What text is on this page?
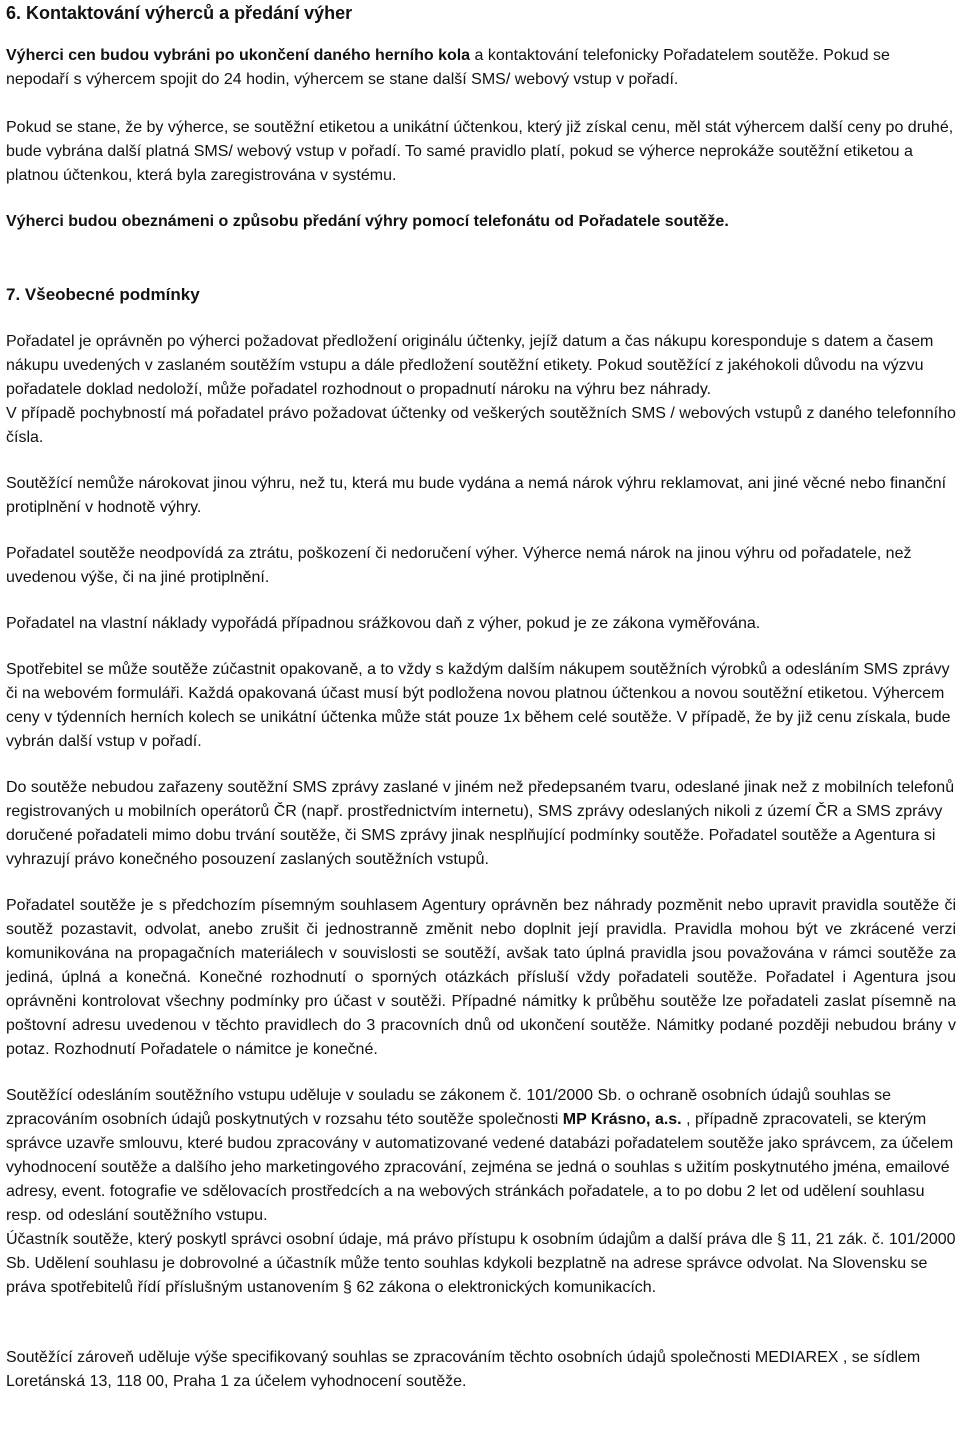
6. Kontaktování výherců a předání výher

Výherci cen budou vybráni po ukončení daného herního kola a kontaktování telefonicky Pořadatelem soutěže. Pokud se nepodaří s výhercem spojit do 24 hodin, výhercem se stane další SMS/ webový vstup v pořadí.

Pokud se stane, že by výherce, se soutěžní etiketou a unikátní účtenkou, který již získal cenu, měl stát výhercem další ceny po druhé, bude vybrána další platná SMS/ webový vstup v pořadí. To samé pravidlo platí, pokud se výherce neprokáže soutěžní etiketou a platnou účtenkou, která byla zaregistrována v systému.

Výherci budou obeznámeni o způsobu předání výhry pomocí telefonátu od Pořadatele soutěže.

7. Všeobecné podmínky

Pořadatel je oprávněn po výherci požadovat předložení originálu účtenky, jejíž datum a čas nákupu koresponduje s datem a časem nákupu uvedených v zaslaném soutěžím vstupu a dále předložení soutěžní etikety. Pokud soutěžící z jakéhokoli důvodu na výzvu pořadatele doklad nedoloží, může pořadatel rozhodnout o propadnutí nároku na výhru bez náhrady.

V případě pochybností má pořadatel právo požadovat účtenky od veškerých soutěžních SMS / webových vstupů z daného telefonního čísla.

Soutěžící nemůže nárokovat jinou výhru, než tu, která mu bude vydána a nemá nárok výhru reklamovat, ani jiné věcné nebo finanční protiplnění v hodnotě výhry.

Pořadatel soutěže neodpovídá za ztrátu, poškození či nedoručení výher. Výherce nemá nárok na jinou výhru od pořadatele, než uvedenou výše, či na jiné protiplnění.

Pořadatel na vlastní náklady vypořádá případnou srážkovou daň z výher, pokud je ze zákona vyměřována.

Spotřebitel se může soutěže zúčastnit opakovaně, a to vždy s každým dalším nákupem soutěžních výrobků a odesláním SMS zprávy či na webovém formuláři. Každá opakovaná účast musí být podložena novou platnou účtenkou a novou soutěžní etiketou. Výhercem ceny v týdenních herních kolech se unikátní účtenka může stát pouze 1x během celé soutěže. V případě, že by již cenu získala, bude vybrán další vstup v pořadí.

Do soutěže nebudou zařazeny soutěžní SMS zprávy zaslané v jiném než předepsaném tvaru, odeslané jinak než z mobilních telefonů registrovaných u mobilních operátorů ČR (např. prostřednictvím internetu), SMS zprávy odeslaných nikoli z území ČR a SMS zprávy doručené pořadateli mimo dobu trvání soutěže, či SMS zprávy jinak nesplňující podmínky soutěže. Pořadatel soutěže a Agentura si vyhrazují právo konečného posouzení zaslaných soutěžních vstupů.

Pořadatel soutěže je s předchozím písemným souhlasem Agentury oprávněn bez náhrady pozměnit nebo upravit pravidla soutěže či soutěž pozastavit, odvolat, anebo zrušit či jednostranně změnit nebo doplnit její pravidla. Pravidla mohou být ve zkrácené verzi komunikována na propagačních materiálech v souvislosti se soutěží, avšak tato úplná pravidla jsou považována v rámci soutěže za jediná, úplná a konečná. Konečné rozhodnutí o sporných otázkách přísluší vždy pořadateli soutěže. Pořadatel i Agentura jsou oprávněni kontrolovat všechny podmínky pro účast v soutěži. Případné námitky k průběhu soutěže lze pořadateli zaslat písemně na poštovní adresu uvedenou v těchto pravidlech do 3 pracovních dnů od ukončení soutěže. Námitky podané později nebudou brány v potaz. Rozhodnutí Pořadatele o námitce je konečné.

Soutěžící odesláním soutěžního vstupu uděluje v souladu se zákonem č. 101/2000 Sb. o ochraně osobních údajů souhlas se zpracováním osobních údajů poskytnutých v rozsahu této soutěže společnosti MP Krásno, a.s. , případně zpracovateli, se kterým správce uzavře smlouvu, které budou zpracovány v automatizované vedené databázi pořadatelem soutěže jako správcem, za účelem vyhodnocení soutěže a dalšího jeho marketingového zpracování, zejména se jedná o souhlas s užitím poskytnutého jména, emailové adresy, event. fotografie ve sdělovacích prostředcích a na webových stránkách pořadatele, a to po dobu 2 let od udělení souhlasu resp. od odeslání soutěžního vstupu.

Účastník soutěže, který poskytl správci osobní údaje, má právo přístupu k osobním údajům a další práva dle § 11, 21 zák. č. 101/2000 Sb. Udělení souhlasu je dobrovolné a účastník může tento souhlas kdykoli bezplatně na adrese správce odvolat. Na Slovensku se práva spotřebitelů řídí příslušným ustanovením § 62 zákona o elektronických komunikacích.

Soutěžící zároveň uděluje výše specifikovaný souhlas se zpracováním těchto osobních údajů společnosti MEDIAREX , se sídlem Loretánská 13, 118 00, Praha 1 za účelem vyhodnocení soutěže.
